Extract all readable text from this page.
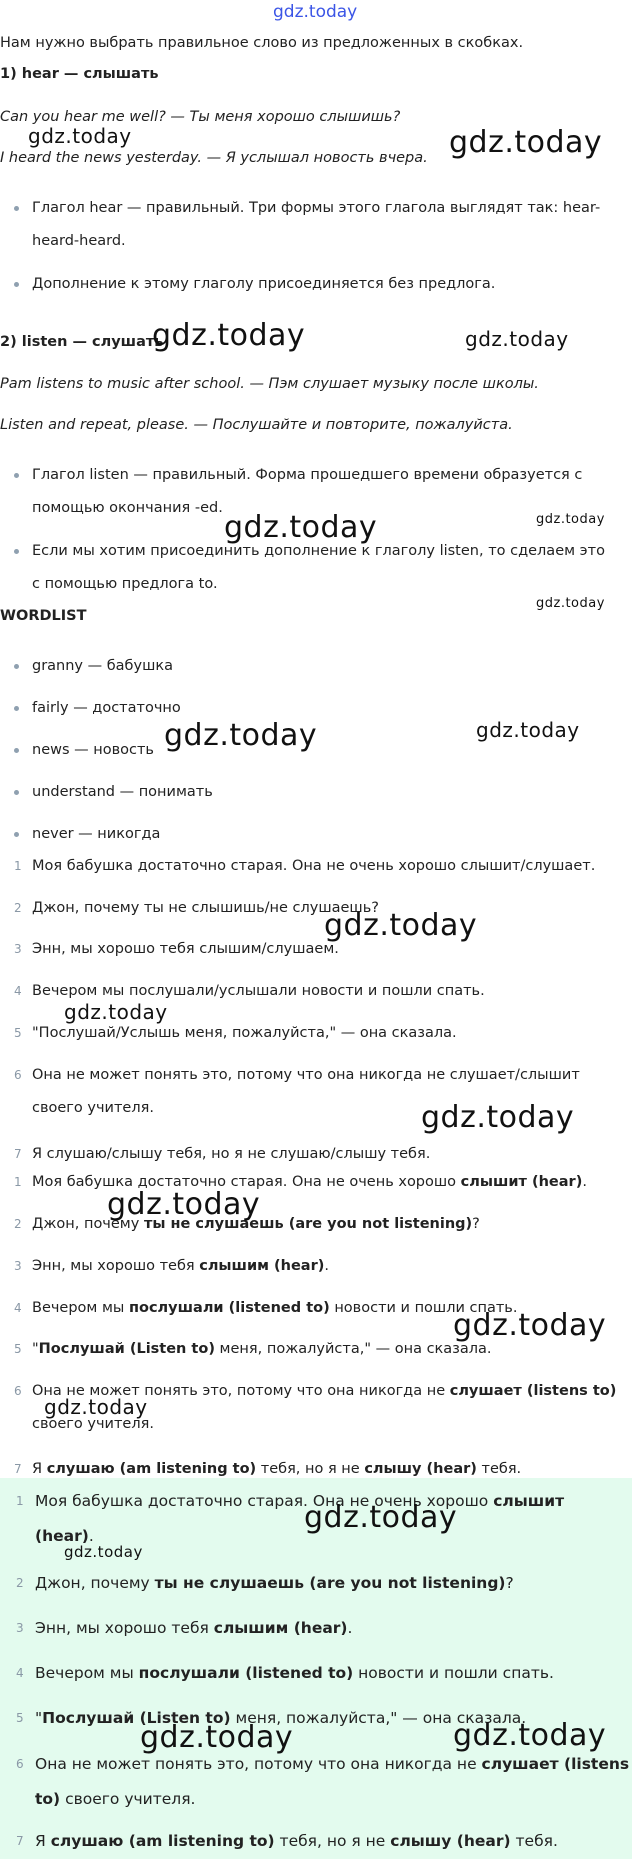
gdz.today
Нам нужно выбрать правильное слово из предложенных в скобках.
1) hear — слышать
Can you hear me well? — Ты меня хорошо слышишь?
I heard the news yesterday. — Я услышал новость вчера.
Глагол hear — правильный. Три формы этого глагола выглядят так: hear-
heard-heard.
Дополнение к этому глаголу присоединяется без предлога.
2) listen — слушать
Pam listens to music after school. — Пэм слушает музыку после школы.
Listen and repeat, please. — Послушайте и повторите, пожалуйста.
Глагол listen — правильный. Форма прошедшего времени образуется с
помощью окончания -ed.
Если мы хотим присоединить дополнение к глаголу listen, то сделаем это
с помощью предлога to.
WORDLIST
granny — бабушка
fairly — достаточно
news — новость
understand — понимать
never — никогда
1 Моя бабушка достаточно старая. Она не очень хорошо слышит/слушает.
2 Джон, почему ты не слышишь/не слушаешь?
3 Энн, мы хорошо тебя слышим/слушаем.
4 Вечером мы послушали/услышали новости и пошли спать.
5 "Послушай/Услышь меня, пожалуйста," — она сказала.
6 Она не может понять это, потому что она никогда не слушает/слышит
своего учителя.
7 Я слушаю/слышу тебя, но я не слушаю/слышу тебя.
1 Моя бабушка достаточно старая. Она не очень хорошо слышит (hear).
2 Джон, почему ты не слушаешь (are you not listening)?
3 Энн, мы хорошо тебя слышим (hear).
4 Вечером мы послушали (listened to) новости и пошли спать.
5 "Послушай (Listen to) меня, пожалуйста," — она сказала.
6 Она не может понять это, потому что она никогда не слушает (listens to)
своего учителя.
7 Я слушаю (am listening to) тебя, но я не слышу (hear) тебя.
1 Моя бабушка достаточно старая. Она не очень хорошо слышит
(hear).
2 Джон, почему ты не слушаешь (are you not listening)?
3 Энн, мы хорошо тебя слышим (hear).
4 Вечером мы послушали (listened to) новости и пошли спать.
5 "Послушай (Listen to) меня, пожалуйста," — она сказала.
6 Она не может понять это, потому что она никогда не слушает (listens
to) своего учителя.
7 Я слушаю (am listening to) тебя, но я не слышу (hear) тебя.
gdz.today	gdz.today
gdz.today	gdz.today
gdz.today	gdz.today
gdz.today
gdz.today	gdz.today
gdz.today
gdz.today
gdz.today
gdz.today
gdz.today
gdz.today
gdz.today
gdz.today
gdz.today	gdz.today
